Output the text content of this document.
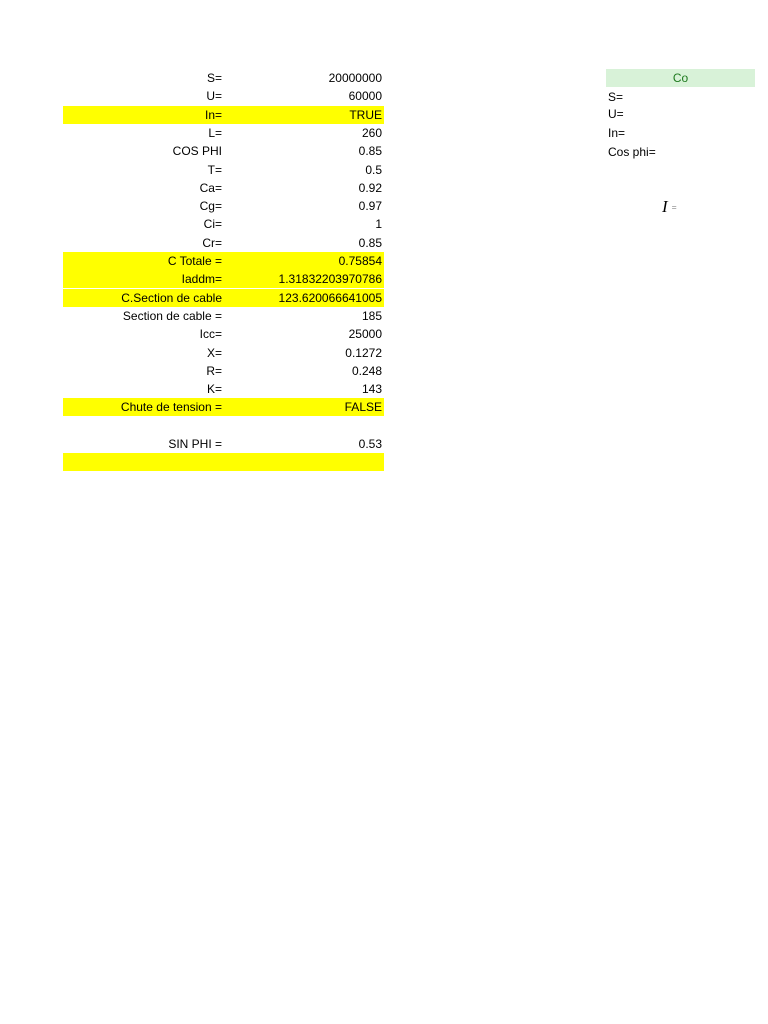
S=	20000000
U=	60000
In=	TRUE
L=	260
COS PHI	0.85
T=	0.5
Ca=	0.92
Cg=	0.97
Ci=	1
Cr=	0.85
C Totale =	0.75854
Iaddm=	1.31832203970786
C.Section de cable	123.620066641005
Section de cable =	185
Icc=	25000
X=	0.1272
R=	0.248
K=	143
Chute de tension =	FALSE
SIN PHI =	0.53
Co
S=
U=
In=
Cos phi=
I =
